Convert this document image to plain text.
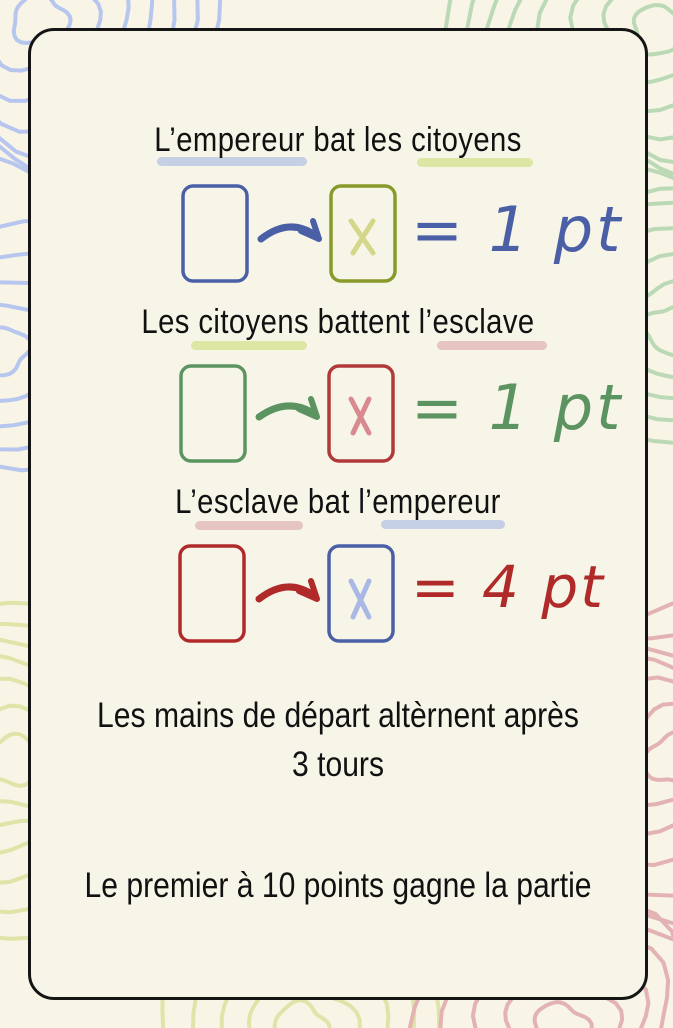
L’empereur bat les citoyens
= 1 pt
Les citoyens battent l’esclave
= 1 pt
L’esclave bat l’empereur
= 4 pt
Les mains de départ altèrnent après
3 tours
Le premier à 10 points gagne la partie
